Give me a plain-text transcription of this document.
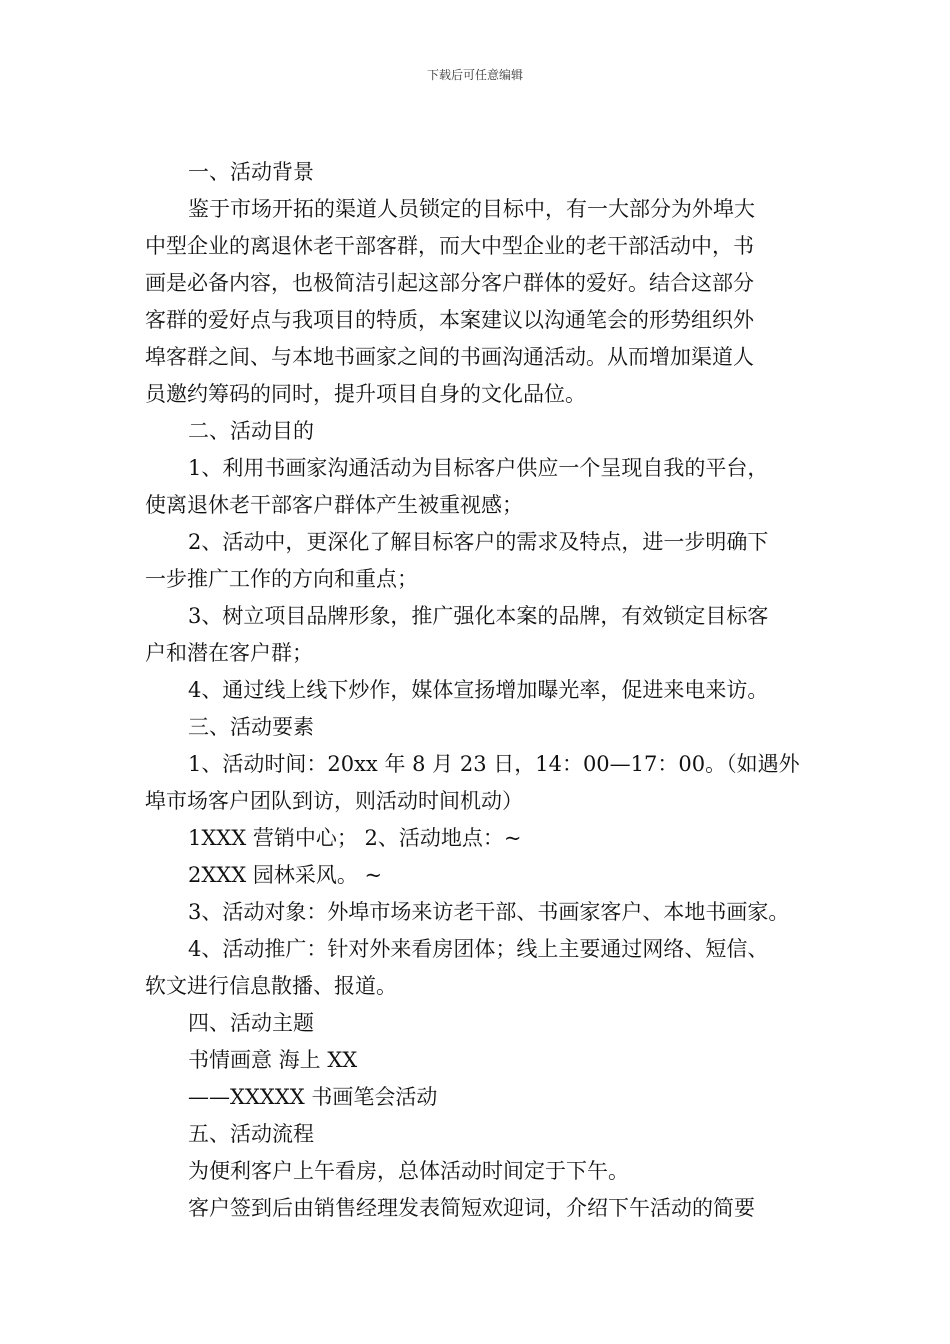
下载后可任意编辑
一、活动背景
鉴于市场开拓的渠道人员锁定的目标中，有一大部分为外埠大
中型企业的离退休老干部客群，而大中型企业的老干部活动中，书
画是必备内容，也极简洁引起这部分客户群体的爱好。结合这部分
客群的爱好点与我项目的特质，本案建议以沟通笔会的形势组织外
埠客群之间、与本地书画家之间的书画沟通活动。从而增加渠道人
员邀约筹码的同时，提升项目自身的文化品位。
二、活动目的
1、利用书画家沟通活动为目标客户供应一个呈现自我的平台，
使离退休老干部客户群体产生被重视感；
2、活动中，更深化了解目标客户的需求及特点，进一步明确下
一步推广工作的方向和重点；
3、树立项目品牌形象，推广强化本案的品牌，有效锁定目标客
户和潜在客户群；
4、通过线上线下炒作，媒体宣扬增加曝光率，促进来电来访。
三、活动要素
1、活动时间：20xx 年 8 月 23 日，14：00—17：00。（如遇外
埠市场客户团队到访，则活动时间机动）
1XXX 营销中心； 2、活动地点：~
2XXX 园林采风。 ~
3、活动对象：外埠市场来访老干部、书画家客户、本地书画家。
4、活动推广：针对外来看房团体；线上主要通过网络、短信、
软文进行信息散播、报道。
四、活动主题
书情画意 海上 XX
——XXXXX 书画笔会活动
五、活动流程
为便利客户上午看房，总体活动时间定于下午。
客户签到后由销售经理发表简短欢迎词，介绍下午活动的简要
